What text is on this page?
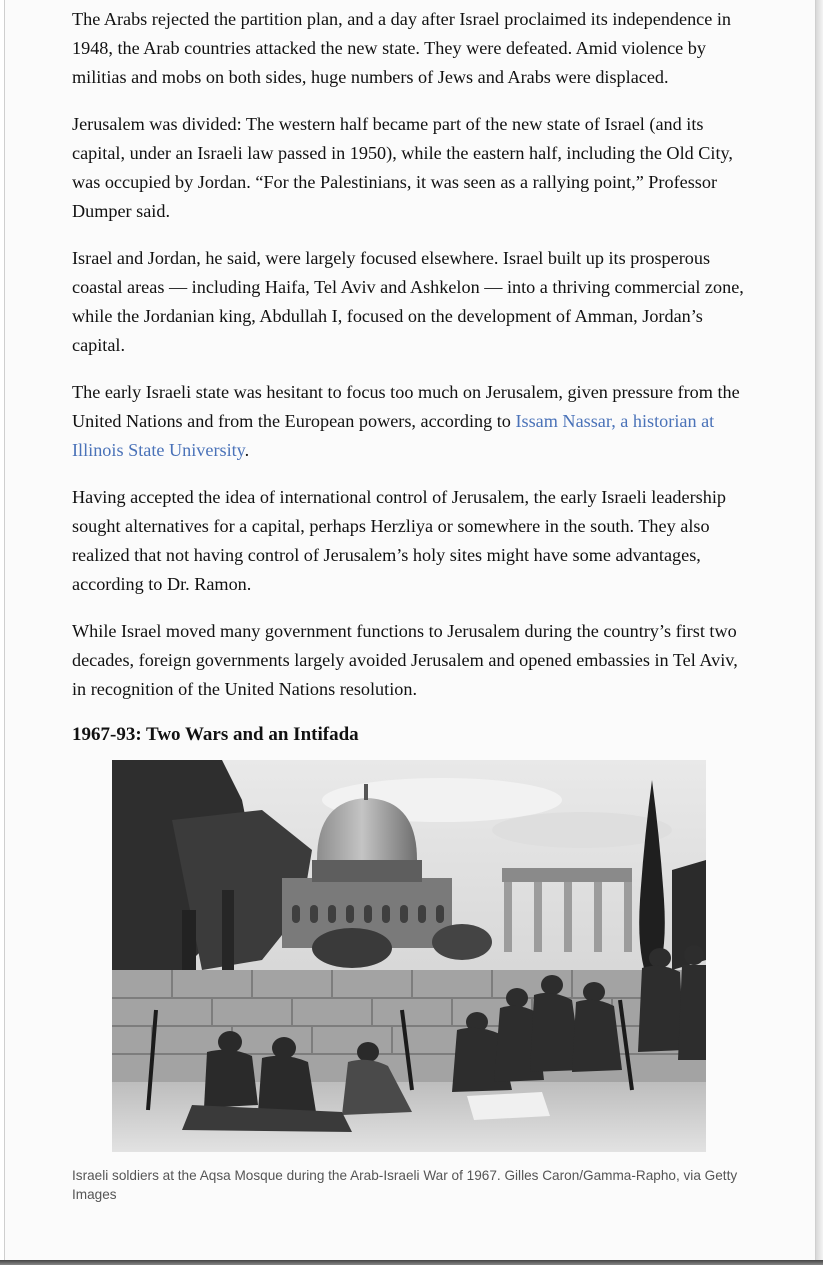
The Arabs rejected the partition plan, and a day after Israel proclaimed its independence in 1948, the Arab countries attacked the new state. They were defeated. Amid violence by militias and mobs on both sides, huge numbers of Jews and Arabs were displaced.

Jerusalem was divided: The western half became part of the new state of Israel (and its capital, under an Israeli law passed in 1950), while the eastern half, including the Old City, was occupied by Jordan. “For the Palestinians, it was seen as a rallying point,” Professor Dumper said.

Israel and Jordan, he said, were largely focused elsewhere. Israel built up its prosperous coastal areas — including Haifa, Tel Aviv and Ashkelon — into a thriving commercial zone, while the Jordanian king, Abdullah I, focused on the development of Amman, Jordan’s capital.

The early Israeli state was hesitant to focus too much on Jerusalem, given pressure from the United Nations and from the European powers, according to Issam Nassar, a historian at Illinois State University.

Having accepted the idea of international control of Jerusalem, the early Israeli leadership sought alternatives for a capital, perhaps Herzliya or somewhere in the south. They also realized that not having control of Jerusalem’s holy sites might have some advantages, according to Dr. Ramon.

While Israel moved many government functions to Jerusalem during the country’s first two decades, foreign governments largely avoided Jerusalem and opened embassies in Tel Aviv, in recognition of the United Nations resolution.

1967-93: Two Wars and an Intifada
Israeli soldiers at the Aqsa Mosque during the Arab-Israeli War of 1967. Gilles Caron/Gamma-Rapho, via Getty Images
